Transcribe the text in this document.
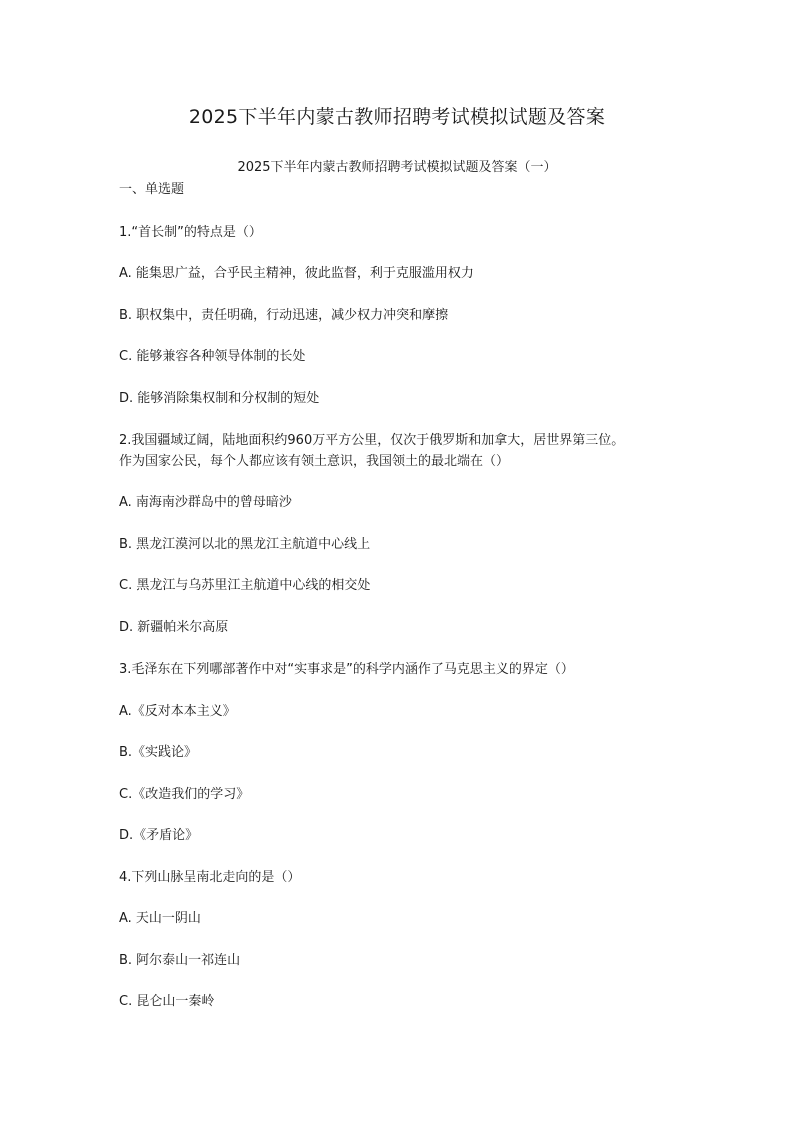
2025下半年内蒙古教师招聘考试模拟试题及答案
2025下半年内蒙古教师招聘考试模拟试题及答案（一）
一、单选题
1.“首长制”的特点是（）
A. 能集思广益，合乎民主精神，彼此监督，利于克服滥用权力
B. 职权集中，责任明确，行动迅速，减少权力冲突和摩擦
C. 能够兼容各种领导体制的长处
D. 能够消除集权制和分权制的短处
2.我国疆域辽阔，陆地面积约960万平方公里，仅次于俄罗斯和加拿大，居世界第三位。
作为国家公民，每个人都应该有领土意识，我国领土的最北端在（）
A. 南海南沙群岛中的曾母暗沙
B. 黑龙江漠河以北的黑龙江主航道中心线上
C. 黑龙江与乌苏里江主航道中心线的相交处
D. 新疆帕米尔高原
3.毛泽东在下列哪部著作中对“实事求是”的科学内涵作了马克思主义的界定（）
A.《反对本本主义》
B.《实践论》
C.《改造我们的学习》
D.《矛盾论》
4.下列山脉呈南北走向的是（）
A. 天山一阴山
B. 阿尔泰山一祁连山
C. 昆仑山一秦岭
